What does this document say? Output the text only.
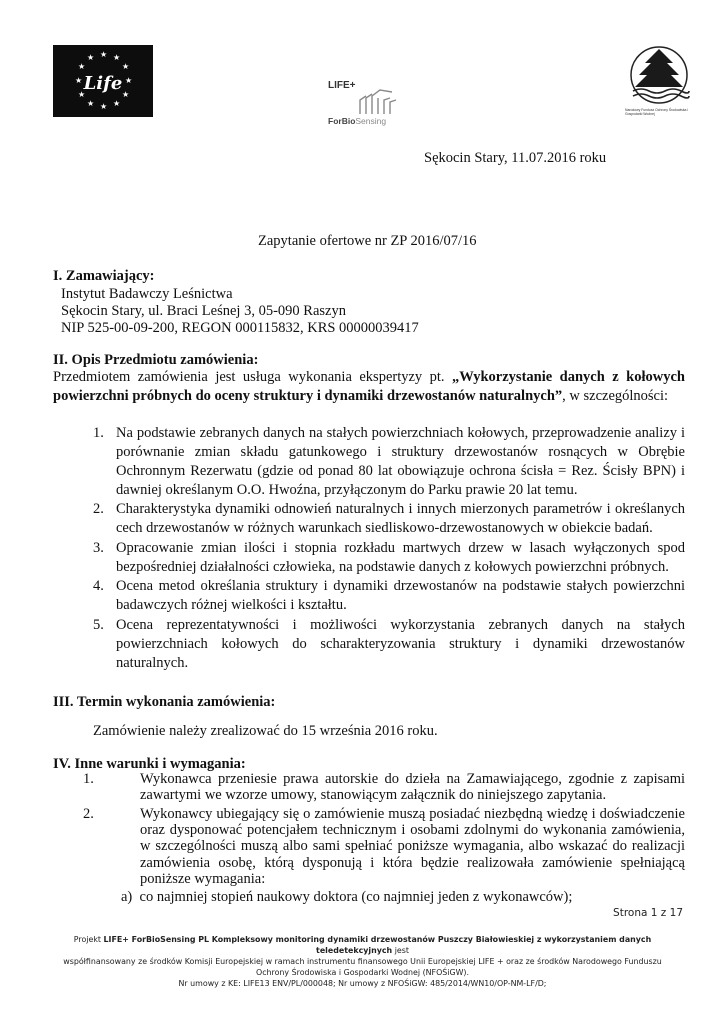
★ ★
★
★
★
★
★
★
★
★
★
★
Life	LIFE+
ForBioSensing
Narodowy Fundusz Ochrony Środowiska i Gospodarki Wodnej
Sękocin Stary, 11.07.2016 roku
Zapytanie ofertowe nr ZP 2016/07/16
I. Zamawiający:
Instytut Badawczy Leśnictwa
Sękocin Stary, ul. Braci Leśnej 3, 05-090 Raszyn
NIP 525-00-09-200, REGON 000115832, KRS 00000039417
II. Opis Przedmiotu zamówienia:
Przedmiotem zamówienia jest usługa wykonania ekspertyzy pt. „Wykorzystanie danych z kołowych powierzchni próbnych do oceny struktury i dynamiki drzewostanów naturalnych”, w szczególności:
1. Na podstawie zebranych danych na stałych powierzchniach kołowych, przeprowadzenie analizy i porównanie zmian składu gatunkowego i struktury drzewostanów rosnących w Obrębie Ochronnym Rezerwatu (gdzie od ponad 80 lat obowiązuje ochrona ścisła = Rez. Ścisły BPN) i dawniej określanym O.O. Hwoźna, przyłączonym do Parku prawie 20 lat temu.
2. Charakterystyka dynamiki odnowień naturalnych i innych mierzonych parametrów i określanych cech drzewostanów w różnych warunkach siedliskowo-drzewostanowych w obiekcie badań.
3. Opracowanie zmian ilości i stopnia rozkładu martwych drzew w lasach wyłączonych spod bezpośredniej działalności człowieka, na podstawie danych z kołowych powierzchni próbnych.
4. Ocena metod określania struktury i dynamiki drzewostanów na podstawie stałych powierzchni badawczych różnej wielkości i kształtu.
5. Ocena reprezentatywności i możliwości wykorzystania zebranych danych na stałych powierzchniach kołowych do scharakteryzowania struktury i dynamiki drzewostanów naturalnych.
III. Termin wykonania zamówienia:
Zamówienie należy zrealizować do 15 września 2016 roku.
IV. Inne warunki i wymagania:
1.	Wykonawca przeniesie prawa autorskie do dzieła na Zamawiającego, zgodnie z zapisami zawartymi we wzorze umowy, stanowiącym załącznik do niniejszego zapytania.
2.	Wykonawcy ubiegający się o zamówienie muszą posiadać niezbędną wiedzę i doświadczenie oraz dysponować potencjałem technicznym i osobami zdolnymi do wykonania zamówienia, w szczególności muszą albo sami spełniać poniższe wymagania, albo wskazać do realizacji zamówienia osobę, którą dysponują i która będzie realizowała zamówienie spełniającą poniższe wymagania:
a) co najmniej stopień naukowy doktora (co najmniej jeden z wykonawców);
Strona 1 z 17
Projekt LIFE+ ForBioSensing PL Kompleksowy monitoring dynamiki drzewostanów Puszczy Białowieskiej z wykorzystaniem danych teledetekcyjnych jest
współfinansowany ze środków Komisji Europejskiej w ramach instrumentu finansowego Unii Europejskiej LIFE + oraz ze środków Narodowego Funduszu
Ochrony Środowiska i Gospodarki Wodnej (NFOŚiGW).
Nr umowy z KE: LIFE13 ENV/PL/000048; Nr umowy z NFOŚiGW: 485/2014/WN10/OP-NM-LF/D;
